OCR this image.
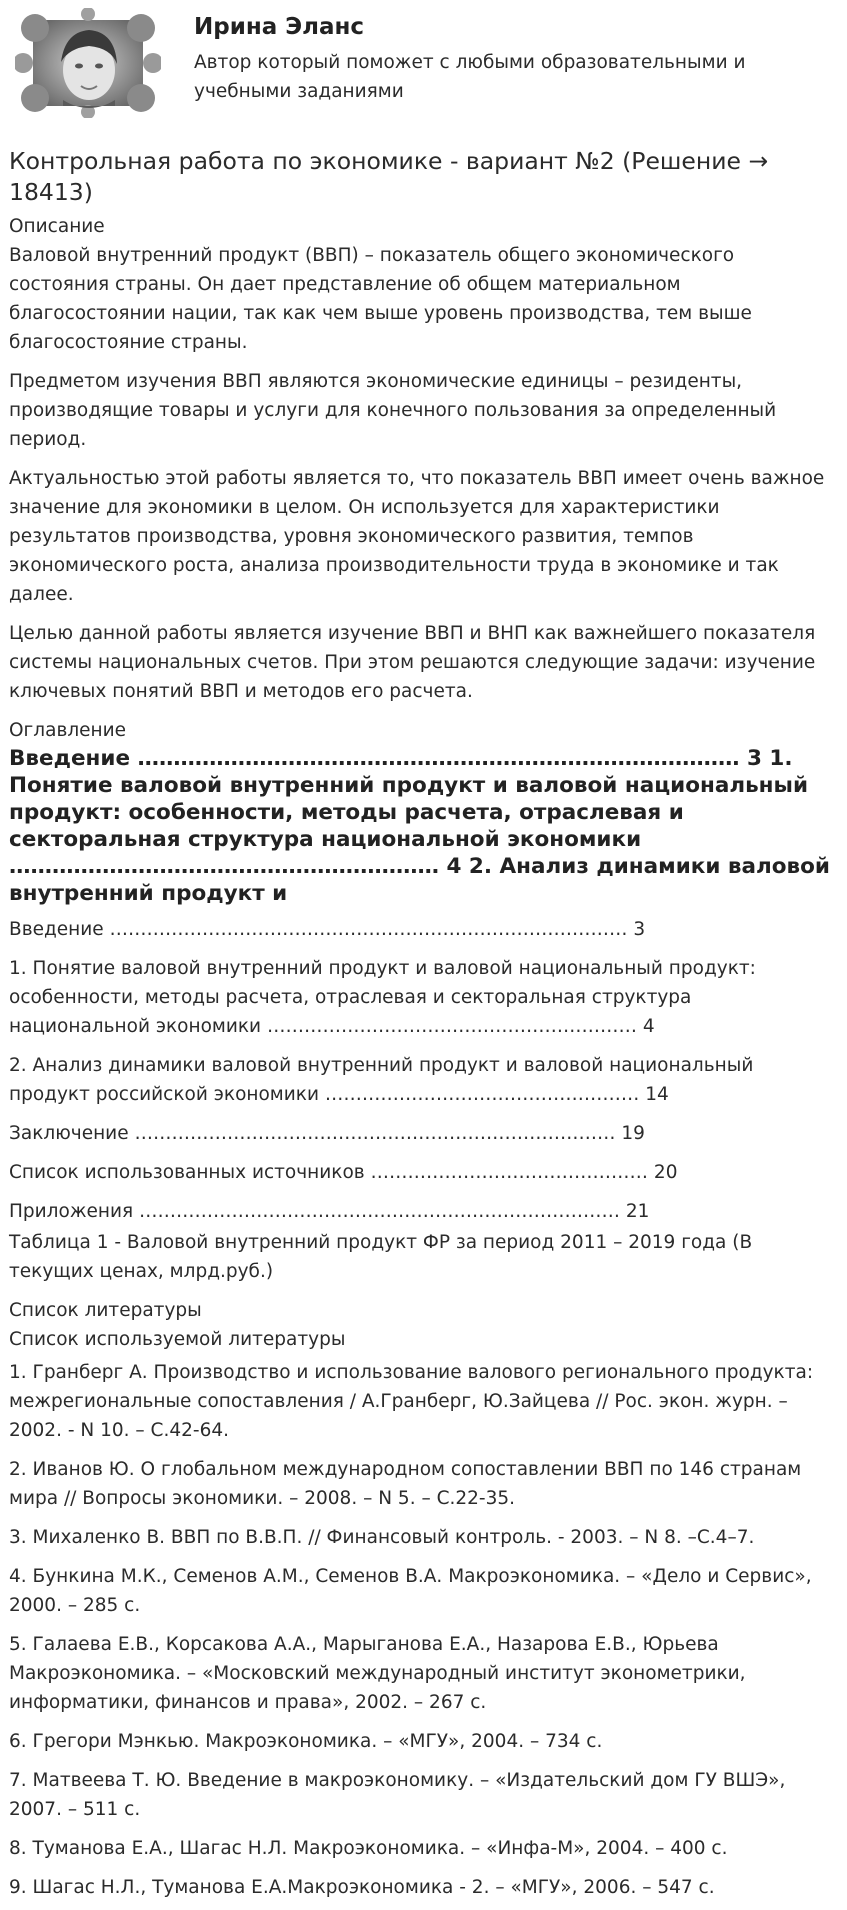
Ирина Эланс
Автор который поможет с любыми образовательными и учебными заданиями
Контрольная работа по экономике - вариант №2 (Решение → 18413)
Описание

Валовой внутренний продукт (ВВП) – показатель общего экономического состояния страны. Он дает представление об общем материальном благосостоянии нации, так как чем выше уровень производства, тем выше благосостояние страны.

Предметом изучения ВВП являются экономические единицы – резиденты, производящие товары и услуги для конечного пользования за определенный период.

Актуальностью этой работы является то, что показатель ВВП имеет очень важное значение для экономики в целом. Он используется для характеристики результатов производства, уровня экономического развития, темпов экономического роста, анализа производительности труда в экономике и так далее.

Целью данной работы является изучение ВВП и ВНП как важнейшего показателя системы национальных счетов. При этом решаются следующие задачи: изучение ключевых понятий ВВП и методов его расчета.

Оглавление
Введение ………………………………………………………………………… 3 1. Понятие валовой внутренний продукт и валовой национальный продукт: особенности, методы расчета, отраслевая и секторальная структура национальной экономики …………………………………………………… 4 2. Анализ динамики валовой внутренний продукт и

Введение ………………………………………………………………………… 3

1. Понятие валовой внутренний продукт и валовой национальный продукт: особенности, методы расчета, отраслевая и секторальная структура национальной экономики …………………………………………………… 4

2. Анализ динамики валовой внутренний продукт и валовой национальный продукт российской экономики …………………………………………… 14

Заключение …………………………………………………………………… 19

Список использованных источников ……………………………………… 20

Приложения …………………………………………………………………… 21

Таблица 1 - Валовой внутренний продукт ФР за период 2011 – 2019 года (В текущих ценах, млрд.руб.)

Список литературы
Список используемой литературы

1. Гранберг А. Производство и использование валового регионального продукта: межрегиональные сопоставления / А.Гранберг, Ю.Зайцева // Рос. экон. журн. – 2002. - N 10. – С.42-64.

2. Иванов Ю. О глобальном международном сопоставлении ВВП по 146 странам мира // Вопросы экономики. – 2008. – N 5. – С.22-35.

3. Михаленко В. ВВП по В.В.П. // Финансовый контроль. - 2003. – N 8. –С.4–7.

4. Бункина М.К., Семенов А.М., Семенов В.А. Макроэкономика. – «Дело и Сервис», 2000. – 285 с.

5. Галаева Е.В., Корсакова А.А., Марыганова Е.А., Назарова Е.В., Юрьева Макроэкономика. – «Московский международный институт эконометрики, информатики, финансов и права», 2002. – 267 с.

6. Грегори Мэнкью. Макроэкономика. – «МГУ», 2004. – 734 с.

7. Матвеева Т. Ю. Введение в макроэкономику. – «Издательский дом ГУ ВШЭ», 2007. – 511 с.

8. Туманова Е.А., Шагас Н.Л. Макроэкономика. – «Инфа-М», 2004. – 400 с.

9. Шагас Н.Л., Туманова Е.А.Макроэкономика - 2. – «МГУ», 2006. – 547 с.
